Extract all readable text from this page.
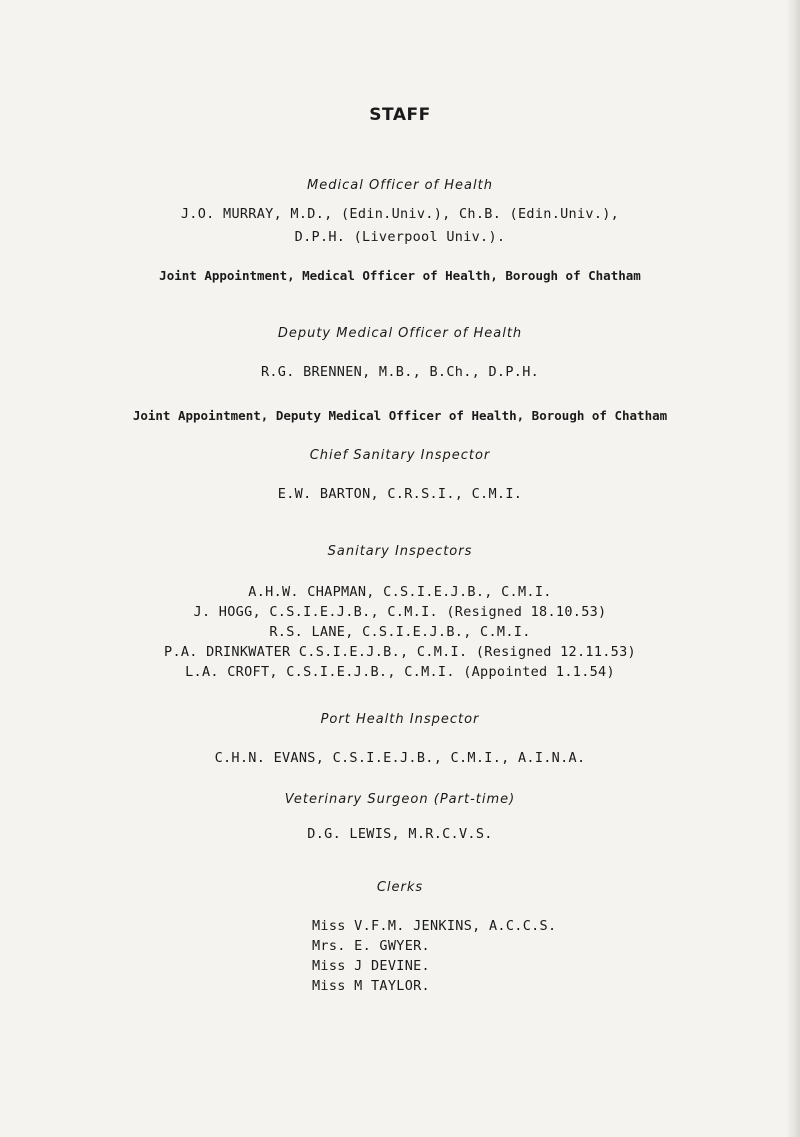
STAFF
Medical Officer of Health
J.O. MURRAY, M.D., (Edin.Univ.), Ch.B. (Edin.Univ.),
D.P.H. (Liverpool Univ.).
Joint Appointment, Medical Officer of Health, Borough of Chatham
Deputy Medical Officer of Health
R.G. BRENNEN, M.B., B.Ch., D.P.H.
Joint Appointment, Deputy Medical Officer of Health, Borough of Chatham
Chief Sanitary Inspector
E.W. BARTON, C.R.S.I., C.M.I.
Sanitary Inspectors
A.H.W. CHAPMAN, C.S.I.E.J.B., C.M.I.
J. HOGG, C.S.I.E.J.B., C.M.I. (Resigned 18.10.53)
R.S. LANE, C.S.I.E.J.B., C.M.I.
P.A. DRINKWATER C.S.I.E.J.B., C.M.I. (Resigned 12.11.53)
L.A. CROFT, C.S.I.E.J.B., C.M.I. (Appointed 1.1.54)
Port Health Inspector
C.H.N. EVANS, C.S.I.E.J.B., C.M.I., A.I.N.A.
Veterinary Surgeon (Part-time)
D.G. LEWIS, M.R.C.V.S.
Clerks
Miss V.F.M. JENKINS, A.C.C.S.
Mrs. E. GWYER.
Miss J DEVINE.
Miss M TAYLOR.
